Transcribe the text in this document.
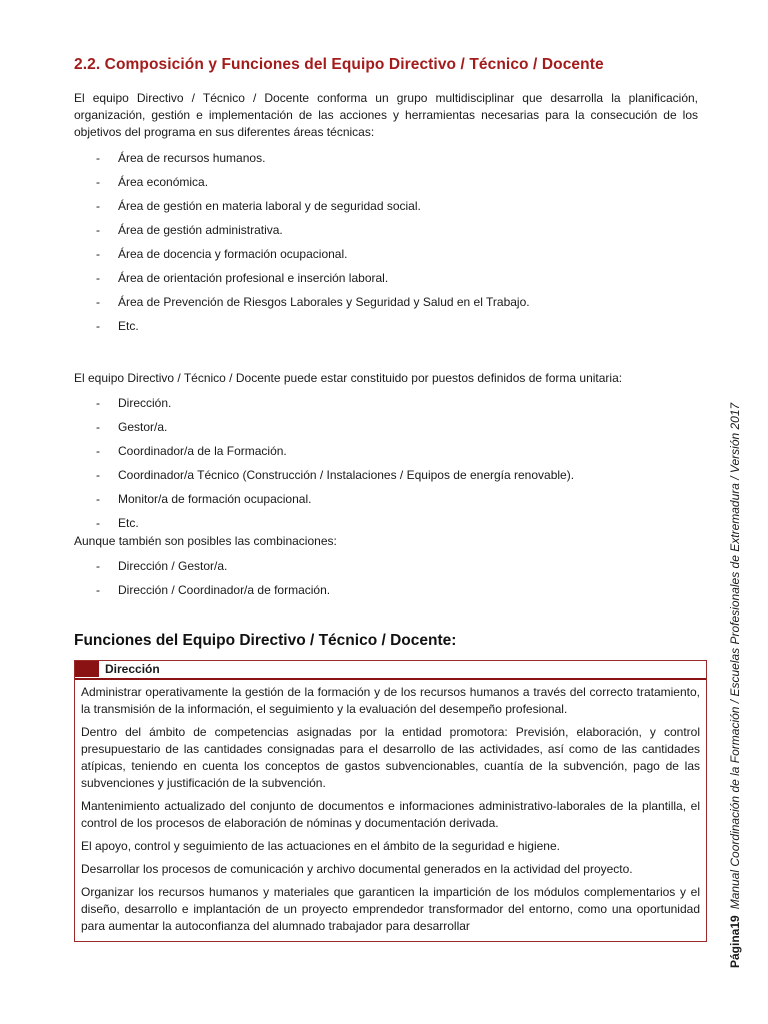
2.2. Composición y Funciones del Equipo Directivo / Técnico / Docente

El equipo Directivo / Técnico / Docente conforma un grupo multidisciplinar que desarrolla la planificación, organización, gestión e implementación de las acciones y herramientas necesarias para la consecución de los objetivos del programa en sus diferentes áreas técnicas:

- Área de recursos humanos.
- Área económica.
- Área de gestión en materia laboral y de seguridad social.
- Área de gestión administrativa.
- Área de docencia y formación ocupacional.
- Área de orientación profesional e inserción laboral.
- Área de Prevención de Riesgos Laborales y Seguridad y Salud en el Trabajo.
- Etc.

El equipo Directivo / Técnico / Docente puede estar constituido por puestos definidos de forma unitaria:

- Dirección.
- Gestor/a.
- Coordinador/a de la Formación.
- Coordinador/a Técnico (Construcción / Instalaciones / Equipos de energía renovable).
- Monitor/a de formación ocupacional.
- Etc.

Aunque también son posibles las combinaciones:

- Dirección / Gestor/a.
- Dirección / Coordinador/a de formación.
Funciones del Equipo Directivo / Técnico / Docente:
Dirección

Administrar operativamente la gestión de la formación y de los recursos humanos a través del correcto tratamiento, la transmisión de la información, el seguimiento y la evaluación del desempeño profesional.

Dentro del ámbito de competencias asignadas por la entidad promotora: Previsión, elaboración, y control presupuestario de las cantidades consignadas para el desarrollo de las actividades, así como de las cantidades atípicas, teniendo en cuenta los conceptos de gastos subvencionables, cuantía de la subvención, pago de las subvenciones y justificación de la subvención.

Mantenimiento actualizado del conjunto de documentos e informaciones administrativo-laborales de la plantilla, el control de los procesos de elaboración de nóminas y documentación derivada.

El apoyo, control y seguimiento de las actuaciones en el ámbito de la seguridad e higiene.

Desarrollar los procesos de comunicación y archivo documental generados en la actividad del proyecto.

Organizar los recursos humanos y materiales que garanticen la impartición de los módulos complementarios y el diseño, desarrollo e implantación de un proyecto emprendedor transformador del entorno, como una oportunidad para aumentar la autoconfianza del alumnado trabajador para desarrollar	Página19Manual Coordinación de la Formación / Escuelas Profesionales de Extremadura / Versión 2017
